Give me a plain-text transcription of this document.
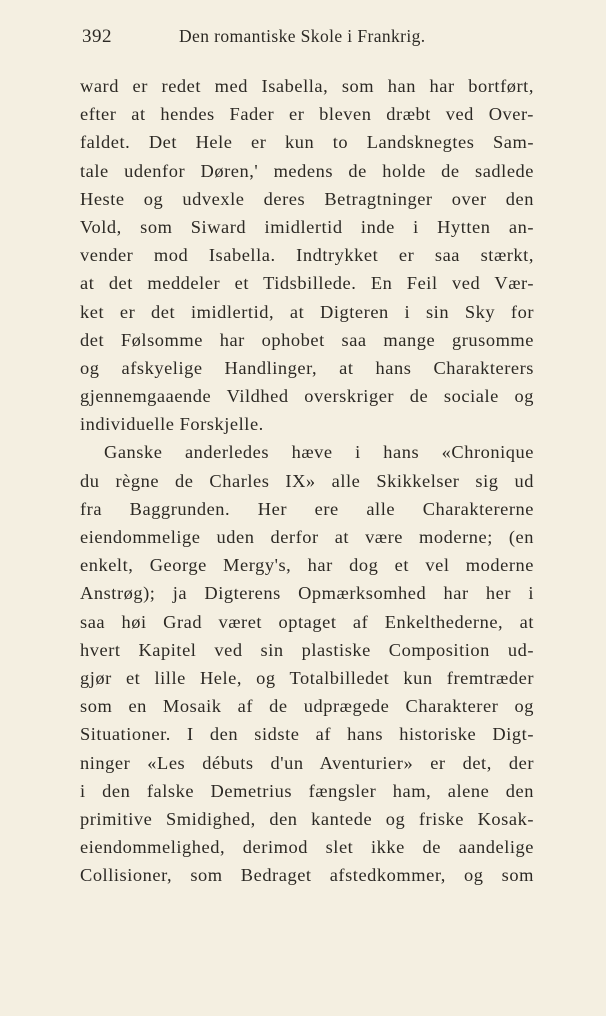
392	Den romantiske Skole i Frankrig.
ward er redet med Isabella, som han har bortført,
efter at hendes Fader er bleven dræbt ved Over-
faldet. Det Hele er kun to Landsknegtes Sam-
tale udenfor Døren,' medens de holde de sadlede
Heste og udvexle deres Betragtninger over den
Vold, som Siward imidlertid inde i Hytten an-
vender mod Isabella. Indtrykket er saa stærkt,
at det meddeler et Tidsbillede. En Feil ved Vær-
ket er det imidlertid, at Digteren i sin Sky for
det Følsomme har ophobet saa mange grusomme
og afskyelige Handlinger, at hans Charakterers
gjennemgaaende Vildhed overskriger de sociale og
individuelle Forskjelle.
Ganske anderledes hæve i hans «Chronique
du règne de Charles IX» alle Skikkelser sig ud
fra Baggrunden. Her ere alle Charaktererne
eiendommelige uden derfor at være moderne; (en
enkelt, George Mergy's, har dog et vel moderne
Anstrøg); ja Digterens Opmærksomhed har her i
saa høi Grad været optaget af Enkelthederne, at
hvert Kapitel ved sin plastiske Composition ud-
gjør et lille Hele, og Totalbilledet kun fremtræder
som en Mosaik af de udprægede Charakterer og
Situationer. I den sidste af hans historiske Digt-
ninger «Les débuts d'un Aventurier» er det, der
i den falske Demetrius fængsler ham, alene den
primitive Smidighed, den kantede og friske Kosak-
eiendommelighed, derimod slet ikke de aandelige
Collisioner, som Bedraget afstedkommer, og som
